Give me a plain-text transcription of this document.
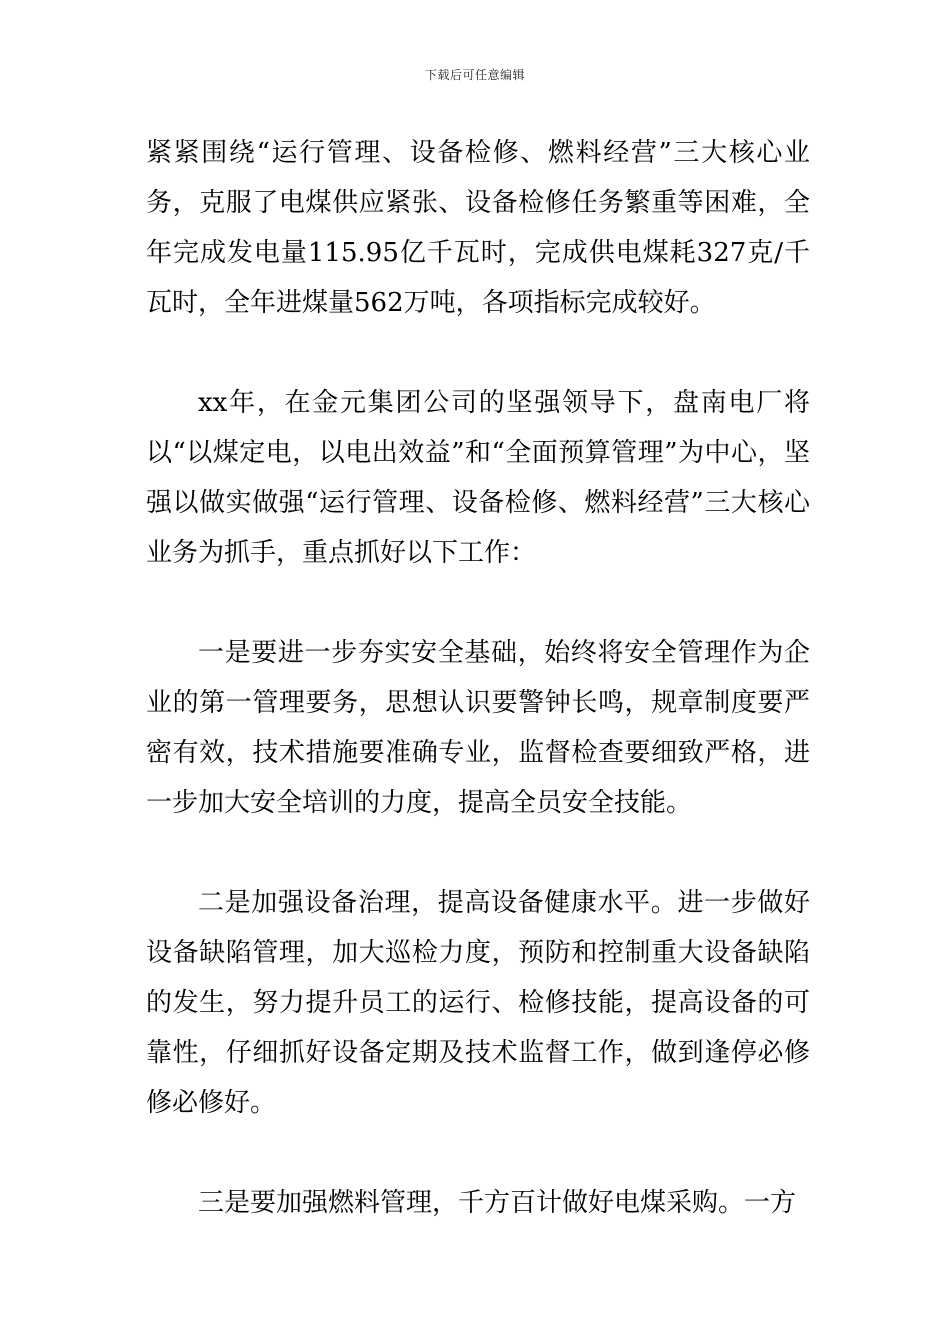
下载后可任意编辑

紧紧围绕“运行管理、设备检修、燃料经营”三大核心业务，克服了电煤供应紧张、设备检修任务繁重等困难，全年完成发电量115.95亿千瓦时，完成供电煤耗327克/千瓦时，全年进煤量562万吨，各项指标完成较好。

xx年，在金元集团公司的坚强领导下，盘南电厂将以“以煤定电，以电出效益”和“全面预算管理”为中心，坚强以做实做强“运行管理、设备检修、燃料经营”三大核心业务为抓手，重点抓好以下工作：

一是要进一步夯实安全基础，始终将安全管理作为企业的第一管理要务，思想认识要警钟长鸣，规章制度要严密有效，技术措施要准确专业，监督检查要细致严格，进一步加大安全培训的力度，提高全员安全技能。

二是加强设备治理，提高设备健康水平。进一步做好设备缺陷管理，加大巡检力度，预防和控制重大设备缺陷的发生，努力提升员工的运行、检修技能，提高设备的可靠性，仔细抓好设备定期及技术监督工作，做到逢停必修修必修好。

三是要加强燃料管理，千方百计做好电煤采购。一方
